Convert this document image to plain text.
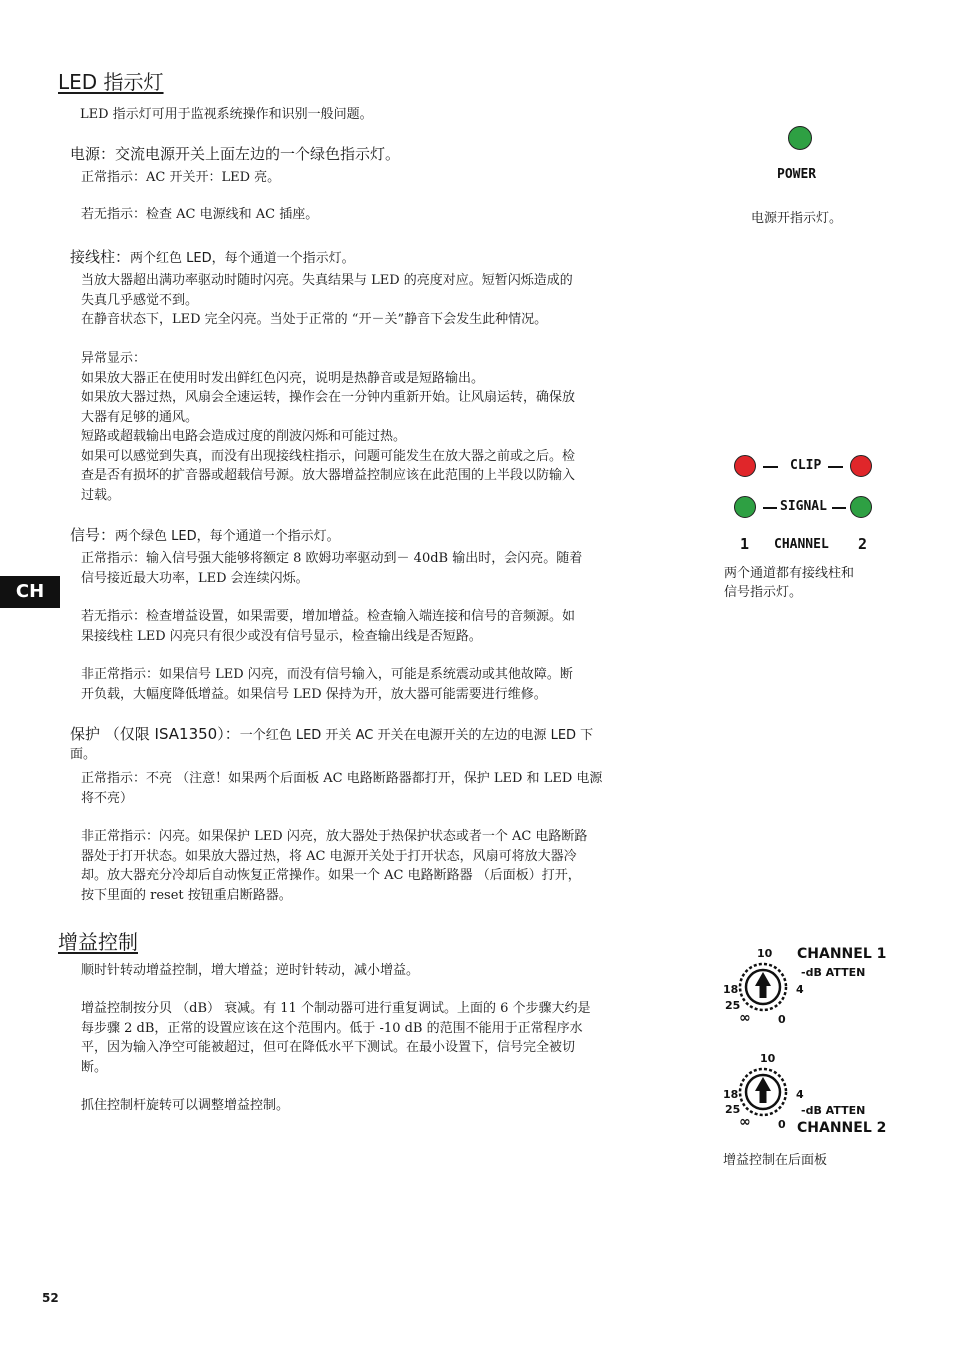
LED 指示灯
LED 指示灯可用于监视系统操作和识别一般问题。
电源：交流电源开关上面左边的一个绿色指示灯。
正常指示：AC 开关开：LED 亮。
若无指示：检查 AC 电源线和 AC 插座。
接线柱：两个红色 LED，每个通道一个指示灯。
当放大器超出满功率驱动时随时闪亮。失真结果与 LED 的亮度对应。短暂闪烁造成的
失真几乎感觉不到。
在静音状态下，LED 完全闪亮。当处于正常的 “开－关”静音下会发生此种情况。
异常显示：
如果放大器正在使用时发出鲜红色闪亮，说明是热静音或是短路输出。
如果放大器过热，风扇会全速运转，操作会在一分钟内重新开始。让风扇运转，确保放
大器有足够的通风。
短路或超载输出电路会造成过度的削波闪烁和可能过热。
如果可以感觉到失真，而没有出现接线柱指示，问题可能发生在放大器之前或之后。检
查是否有损坏的扩音器或超载信号源。放大器增益控制应该在此范围的上半段以防输入
过载。
信号：两个绿色 LED，每个通道一个指示灯。
正常指示：输入信号强大能够将额定 8 欧姆功率驱动到－ 40dB 输出时，会闪亮。随着
信号接近最大功率，LED 会连续闪烁。
若无指示：检查增益设置，如果需要，增加增益。检查输入端连接和信号的音频源。如
果接线柱 LED 闪亮只有很少或没有信号显示，检查输出线是否短路。
非正常指示：如果信号 LED 闪亮，而没有信号输入，可能是系统震动或其他故障。断
开负载，大幅度降低增益。如果信号 LED 保持为开，放大器可能需要进行维修。
保护 （仅限 ISA1350）：一个红色 LED 开关 AC 开关在电源开关的左边的电源 LED 下
面。
正常指示：不亮 （注意！如果两个后面板 AC 电路断路器都打开，保护 LED 和 LED 电源
将不亮）
非正常指示：闪亮。如果保护 LED 闪亮，放大器处于热保护状态或者一个 AC 电路断路
器处于打开状态。如果放大器过热，将 AC 电源开关处于打开状态，风扇可将放大器冷
却。放大器充分冷却后自动恢复正常操作。如果一个 AC 电路断路器 （后面板）打开，
按下里面的 reset 按钮重启断路器。
增益控制
顺时针转动增益控制，增大增益；逆时针转动，减小增益。
增益控制按分贝 （dB） 衰减。有 11 个制动器可进行重复调试。上面的 6 个步骤大约是
每步骤 2 dB，正常的设置应该在这个范围内。低于 -10 dB 的范围不能用于正常程序水
平，因为输入净空可能被超过，但可在降低水平下测试。在最小设置下，信号完全被切
断。
抓住控制杆旋转可以调整增益控制。
CH
52
POWER
电源开指示灯。
CLIP
SIGNAL
1 CHANNEL 2
两个通道都有接线柱和
信号指示灯。
CHANNEL 1
-dB ATTEN
10
4
18
25
∞ 0
10
4
18
25
∞ 0
-dB ATTEN
CHANNEL 2
增益控制在后面板
